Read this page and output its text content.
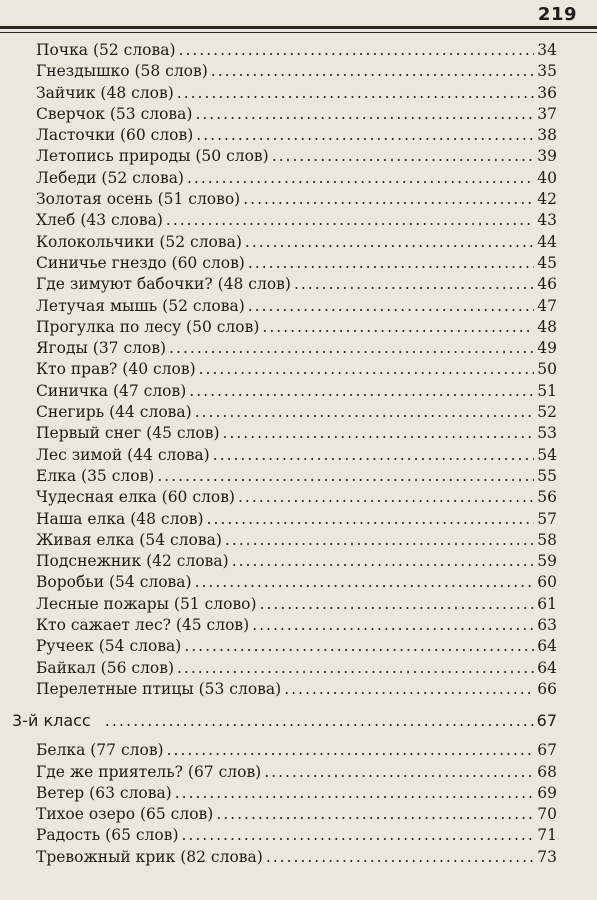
219
Почка (52 слова) .....	34
Гнездышко (58 слов) .....	35
Зайчик (48 слов) .....	36
Сверчок (53 слова) .....	37
Ласточки (60 слов) .....	38
Летопись природы (50 слов) .....	39
Лебеди (52 слова) .....	40
Золотая осень (51 слово) .....	42
Хлеб (43 слова) .....	43
Колокольчики (52 слова) .....	44
Синичье гнездо (60 слов) .....	45
Где зимуют бабочки? (48 слов) .....	46
Летучая мышь (52 слова) .....	47
Прогулка по лесу (50 слов) .....	48
Ягоды (37 слов) .....	49
Кто прав? (40 слов) .....	50
Синичка (47 слов) .....	51
Снегирь (44 слова) .....	52
Первый снег (45 слов) .....	53
Лес зимой (44 слова) .....	54
Елка (35 слов) .....	55
Чудесная елка (60 слов) .....	56
Наша елка (48 слов) .....	57
Живая елка (54 слова) .....	58
Подснежник (42 слова) .....	59
Воробьи (54 слова) .....	60
Лесные пожары (51 слово) .....	61
Кто сажает лес? (45 слов) .....	63
Ручеек (54 слова) .....	64
Байкал (56 слов) .....	64
Перелетные птицы (53 слова) .....	66
3-й класс .....	67
Белка (77 слов) .....	67
Где же приятель? (67 слов) .....	68
Ветер (63 слова) .....	69
Тихое озеро (65 слов) .....	70
Радость (65 слов) .....	71
Тревожный крик (82 слова) .....	73
